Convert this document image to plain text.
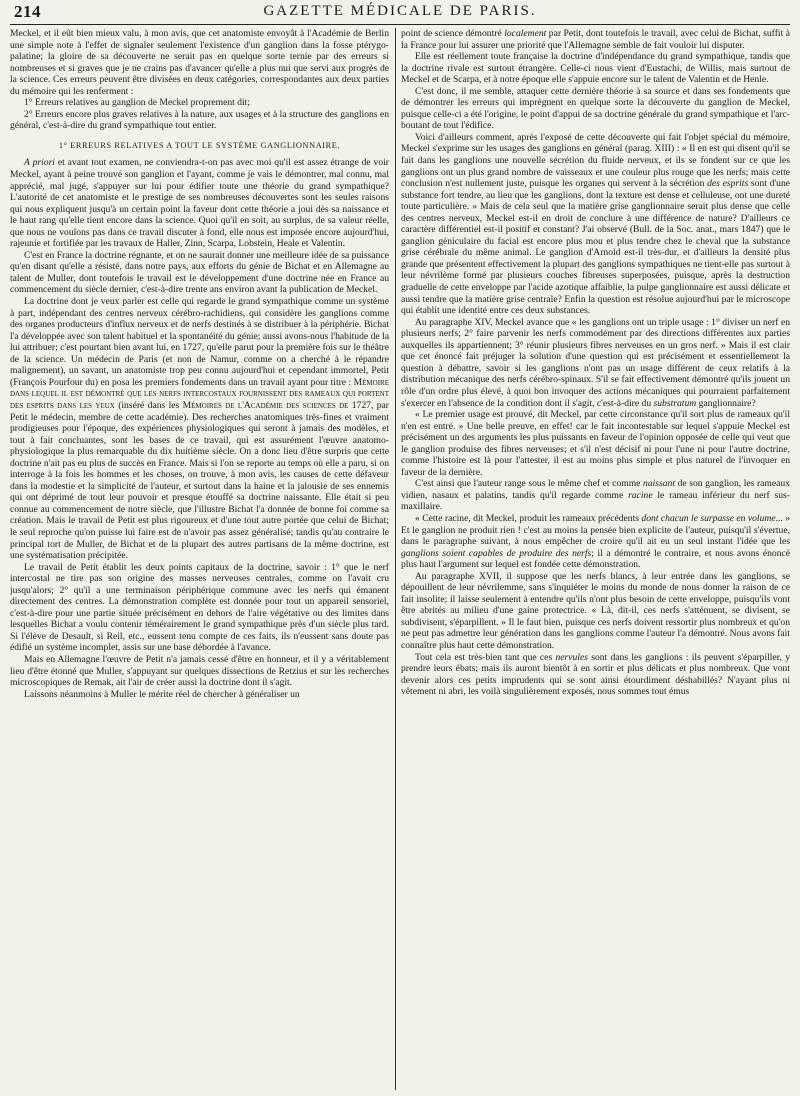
214	GAZETTE MÉDICALE DE PARIS.

Meckel, et il eût bien mieux valu, à mon avis, que cet anatomiste envoyât à l'Académie de Berlin une simple note à l'effet de signaler seulement l'existence d'un ganglion dans la fosse ptérygo-palatine; la gloire de sa découverte ne serait pas en quelque sorte ternie par des erreurs si nombreuses et si graves que je ne crains pas d'avancer qu'elle a plus nui que servi aux progrès de la science. Ces erreurs peuvent être divisées en deux catégories, correspondantes aux deux parties du mémoire qui les renferment :

1° Erreurs relatives au ganglion de Meckel proprement dit;

2° Erreurs encore plus graves relatives à la nature, aux usages et à la structure des ganglions en général, c'est-à-dire du grand sympathique tout entier.

1° ERREURS RELATIVES A TOUT LE SYSTÈME GANGLIONNAIRE.

A priori et avant tout examen, ne conviendra-t-on pas avec moi qu'il est assez étrange de voir Meckel, ayant à peine trouvé son ganglion et l'ayant, comme je vais le démontrer, mal connu, mal apprécié, mal jugé, s'appuyer sur lui pour édifier toute une théorie du grand sympathique? L'autorité de cet anatomiste et le prestige de ses nombreuses découvertes sont les seules raisons qui nous expliquent jusqu'à un certain point la faveur dont cette théorie a joui dès sa naissance et le haut rang qu'elle tient encore dans la science. Quoi qu'il en soit, au surplus, de sa valeur réelle, que nous ne voulons pas dans ce travail discuter à fond, elle nous est imposée encore aujourd'hui, rajeunie et fortifiée par les travaux de Haller, Zinn, Scarpa, Lobstein, Heale et Valentin.

C'est en France la doctrine régnante, et on ne saurait donner une meilleure idée de sa puissance qu'en disant qu'elle a résisté, dans notre pays, aux efforts du génie de Bichat et en Allemagne au talent de Muller, dont toutefois le travail est le développement d'une doctrine née en France au commencement du siècle dernier, c'est-à-dire trente ans environ avant la publication de Meckel.

La doctrine dont je veux parler est celle qui regarde le grand sympathique comme un système à part, indépendant des centres nerveux cérébro-rachidiens, qui considère les ganglions comme des organes producteurs d'influx nerveux et de nerfs destinés à se distribuer à la périphérie. Bichat l'a développée avec son talent habituel et la spontanéité du génie; aussi avons-nous l'habitude de la lui attribuer; c'est pourtant bien avant lui, en 1727, qu'elle parut pour la première fois sur le théâtre de la science. Un médecin de Paris (et non de Namur, comme on a cherché à le répandre malignement), un savant, un anatomiste trop peu connu aujourd'hui et cependant immortel, Petit (François Pourfour du) en posa les premiers fondements dans un travail ayant pour titre : Mémoire dans lequel il est démontré que les nerfs intercostaux fournissent des rameaux qui portent des esprits dans les yeux (inséré dans les Mémoires de l'Académie des sciences de 1727, par Petit le médecin, membre de cette académie). Des recherches anatomiques très-fines et vraiment prodigieuses pour l'époque, des expériences physiologiques qui seront à jamais des modèles, et tout à fait concluantes, sont les bases de ce travail, qui est assurément l'œuvre anatomo-physiologique la plus remarquable du dix huitième siècle. On a donc lieu d'être surpris que cette doctrine n'ait pas eu plus de succès en France. Mais si l'on se reporte au temps où elle a paru, si on interroge à la fois les hommes et les choses, on trouve, à mon avis, les causes de cette défaveur dans la modestie et la simplicité de l'auteur, et surtout dans la haine et la jalousie de ses ennemis qui ont déprimé de tout leur pouvoir et presque étouffé sa doctrine naissante. Elle était si peu connue au commencement de notre siècle, que l'illustre Bichat l'a donnée de bonne foi comme sa création. Mais le travail de Petit est plus rigoureux et d'une tout autre portée que celui de Bichat; le seul reproche qu'on puisse lui faire est de n'avoir pas assez généralisé; tandis qu'au contraire le principal tort de Muller, de Bichat et de la plupart des autres partisans de la même doctrine, est une systématisation précipitée.

Le travail de Petit établit les deux points capitaux de la doctrine, savoir : 1° que le nerf intercostal ne tire pas son origine des masses nerveuses centrales, comme on l'avait cru jusqu'alors; 2° qu'il a une terminaison périphérique commune avec les nerfs qui émanent directement des centres. La démonstration complète est donnée pour tout un appareil sensoriel, c'est-à-dire pour une partie située précisément en dehors de l'aire végétative ou des limites dans lesquelles Bichat a voulu contenir témérairement le grand sympathique près d'un siècle plus tard. Si l'élève de Desault, si Reil, etc., eussent tenu compte de ces faits, ils n'eussent sans doute pas édifié un système incomplet, assis sur une base débordée à l'avance.

Mais en Allemagne l'œuvre de Petit n'a jamais cessé d'être en honneur, et il y a véritablement lieu d'être étonné que Muller, s'appuyant sur quelques dissections de Retzius et sur les recherches microscopiques de Remak, ait l'air de créer aussi la doctrine dont il s'agit.

Laissons néanmoins à Muller le mérite réel de chercher à généraliser un

point de science démontré localement par Petit, dont toutefois le travail, avec celui de Bichat, suffit à la France pour lui assurer une priorité que l'Allemagne semble de fait vouloir lui disputer.

Elle est réellement toute française la doctrine d'indépendance du grand sympathique, tandis que la doctrine rivale est surtout étrangère. Celle-ci nous vient d'Eustachi, de Willis, mais surtout de Meckel et de Scarpa, et à notre époque elle s'appuie encore sur le talent de Valentin et de Henle.

C'est donc, il me semble, attaquer cette dernière théorie à sa source et dans ses fondements que de démontrer les erreurs qui imprègnent en quelque sorte la découverte du ganglion de Meckel, puisque celle-ci a été l'origine, le point d'appui de sa doctrine générale du grand sympathique et l'arc-boutant de tout l'édifice.

Voici d'ailleurs comment, après l'exposé de cette découverte qui fait l'objet spécial du mémoire, Meckel s'exprime sur les usages des ganglions en général (parag. XIII) : « Il en est qui disent qu'il se fait dans les ganglions une nouvelle sécrétion du fluide nerveux, et ils se fondent sur ce que les ganglions ont un plus grand nombre de vaisseaux et une couleur plus rouge que les nerfs; mais cette conclusion n'est nullement juste, puisque les organes qui servent à la sécrétion des esprits sont d'une substance fort tendre, au lieu que les ganglions, dont la texture est dense et celluleuse, ont une dureté toute particulière. » Mais de cela seul que la matière grise ganglionnaire serait plus dense que celle des centres nerveux, Meckel est-il en droit de conclure à une différence de nature? D'ailleurs ce caractère différentiel est-il positif et constant? J'ai observé (Bull. de la Soc. anat., mars 1847) que le ganglion géniculaire du facial est encore plus mou et plus tendre chez le cheval que la substance grise cérébrale du même animal. Le ganglion d'Arnold est-il très-dur, et d'ailleurs la densité plus grande que présentent effectivement la plupart des ganglions sympathiques ne tient-elle pas surtout à leur névrilème formé par plusieurs couches fibreuses superposées, puisque, après la destruction graduelle de cette enveloppe par l'acide azotique affaiblie, la pulpe ganglionnaire est aussi délicate et aussi tendre que la matière grise centrale? Enfin la question est résolue aujourd'hui par le microscope qui établit une identité entre ces deux substances.

Au paragraphe XIV, Meckel avance que « les ganglions ont un triple usage : 1° diviser un nerf en plusieurs nerfs; 2° faire parvenir les nerfs commodément par des directions différentes aux parties auxquelles ils appartiennent; 3° réunir plusieurs fibres nerveuses en un gros nerf. » Mais il est clair que cet énoncé fait préjuger la solution d'une question qui est précisément et essentiellement la question à débattre, savoir si les ganglions n'ont pas un usage différent de ceux relatifs à la distribution mécanique des nerfs cérébro-spinaux. S'il se fait effectivement démontré qu'ils jouent un rôle d'un ordre plus élevé, à quoi bon invoquer des actions mécaniques qui pourraient parfaitement s'exercer en l'absence de la condition dont il s'agit, c'est-à-dire du substratum ganglionnaire?

« Le premier usage est prouvé, dit Meckel, par cette circonstance qu'il sort plus de rameaux qu'il n'en est entré. » Une belle preuve, en effet! car le fait incontestable sur lequel s'appuie Meckel est précisément un des arguments les plus puissants en faveur de l'opinion opposée de celle qui veut que le ganglion produise des fibres nerveuses; et s'il n'est décisif ni pour l'une ni pour l'autre doctrine, comme l'histoire est là pour l'attester, il est au moins plus simple et plus naturel de l'invoquer en faveur de la dernière.

C'est ainsi que l'auteur range sous le même chef et comme naissant de son ganglion, les rameaux vidien, nasaux et palatins, tandis qu'il regarde comme racine le rameau inférieur du nerf sus-maxillaire.

« Cette racine, dit Meckel, produit les rameaux précédents dont chacun le surpasse en volume... » Et le ganglion ne produit rien ! c'est au moins la pensée bien explicite de l'auteur, puisqu'il s'évertue, dans le paragraphe suivant, à nous empêcher de croire qu'il ait eu un seul instant l'idée que les ganglions soient capables de produire des nerfs; il a démontré le contraire, et nous avons énoncé plus haut l'argument sur lequel est fondée cette démonstration.

Au paragraphe XVII, il suppose que les nerfs blancs, à leur entrée dans les ganglions, se dépouillent de leur névrilemme, sans s'inquiéter le moins du monde de nous donner la raison de ce fait insolite; il laisse seulement à entendre qu'ils n'ont plus besoin de cette enveloppe, puisqu'ils vont être abrités au milieu d'une gaine protectrice. « Là, dit-il, ces nerfs s'atténuent, se divisent, se subdivisent, s'éparpillent. » Il le faut bien, puisque ces nerfs doivent ressortir plus nombreux et qu'on ne peut pas admettre leur génération dans les ganglions comme l'auteur l'a démontré. Nous avons fait connaître plus haut cette démonstration.

Tout cela est très-bien tant que ces nervules sont dans les ganglions : ils peuvent s'éparpiller, y prendre leurs ébats; mais ils auront bientôt à en sortir et plus délicats et plus nombreux. Que vont devenir alors ces petits imprudents qui se sont ainsi étourdiment déshabillés? N'ayant plus ni vêtement ni abri, les voilà singulièrement exposés, nous sommes tout émus
